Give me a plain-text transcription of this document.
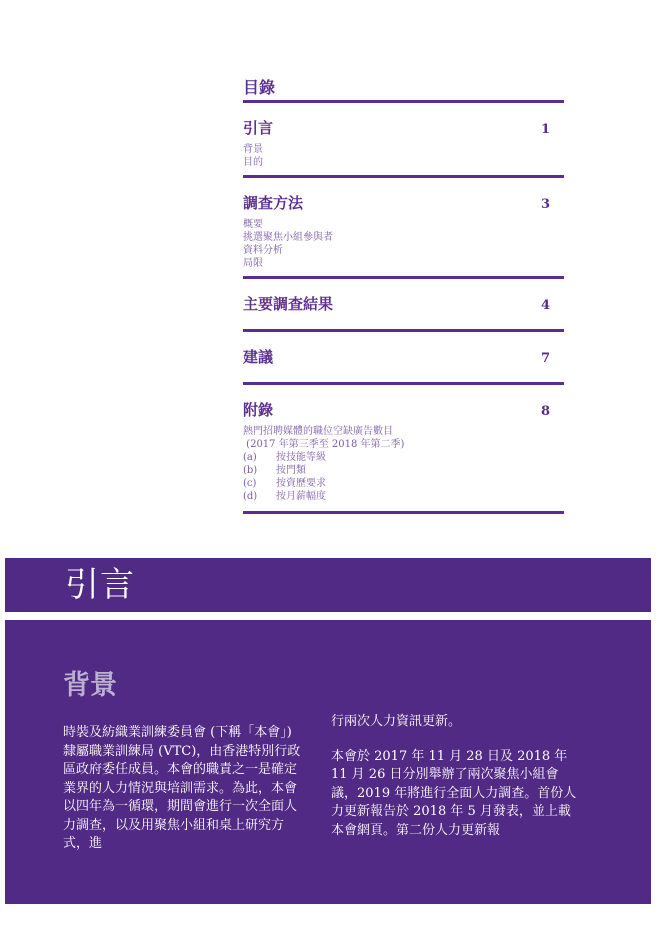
目錄
引言	1
背景
目的
調查方法	3
概要
挑選聚焦小組參與者
資料分析
局限
主要調查結果	4
建議	7
附錄	8
熱門招聘媒體的職位空缺廣告數目
(2017 年第三季至 2018 年第二季)
(a)	按技能等級
(b)	按門類
(c)	按資歷要求
(d)	按月薪幅度
引言
背景

時裝及紡織業訓練委員會 (下稱「本會」) 隸屬職業訓練局 (VTC)，由香港特別行政區政府委任成員。本會的職責之一是確定業界的人力情況與培訓需求。為此，本會以四年為一循環，期間會進行一次全面人力調查，以及用聚焦小組和桌上研究方式，進

行兩次人力資訊更新。

本會於 2017 年 11 月 28 日及 2018 年 11 月 26 日分別舉辦了兩次聚焦小組會議，2019 年將進行全面人力調查。首份人力更新報告於 2018 年 5 月發表，並上載本會網頁。第二份人力更新報
